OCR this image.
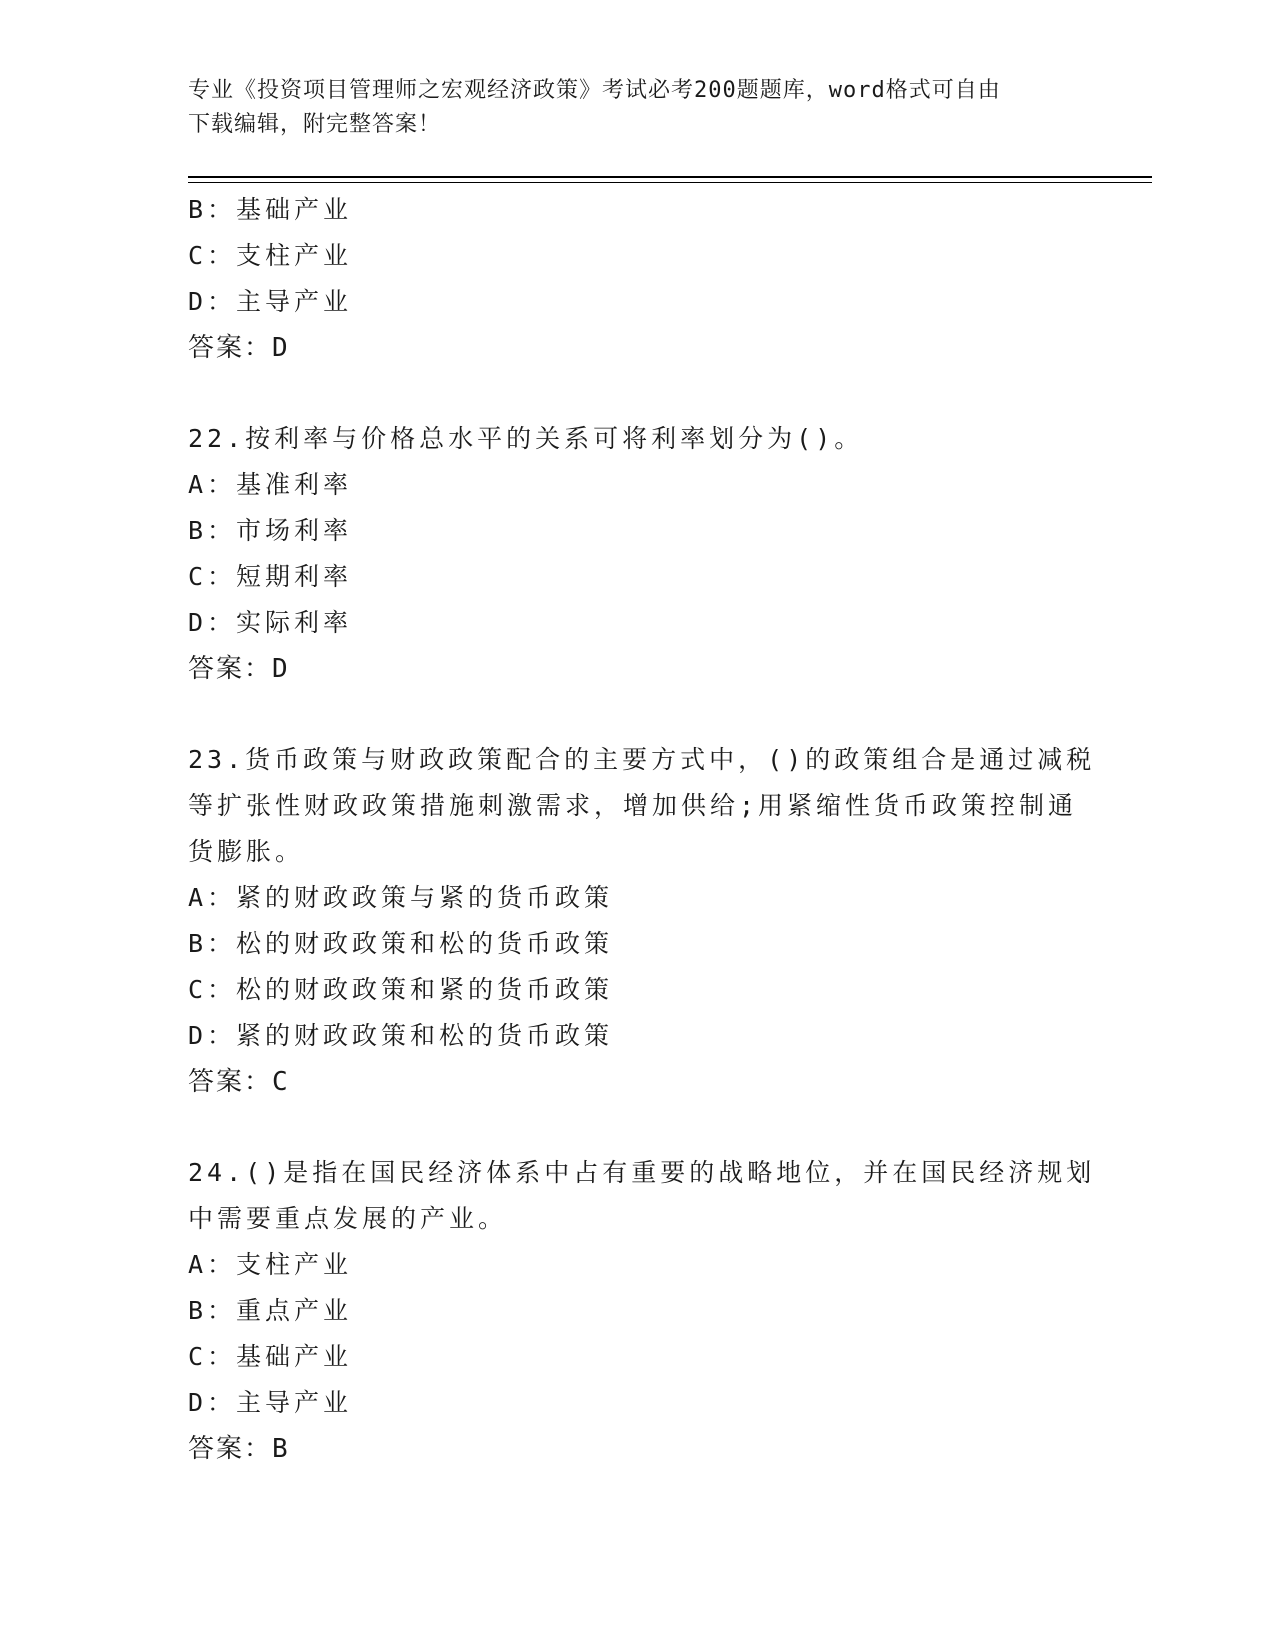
专业《投资项目管理师之宏观经济政策》考试必考200题题库，word格式可自由
下载编辑，附完整答案！
B：基础产业
C：支柱产业
D：主导产业
答案：D
22.按利率与价格总水平的关系可将利率划分为()。
A：基准利率
B：市场利率
C：短期利率
D：实际利率
答案：D
23.货币政策与财政政策配合的主要方式中，()的政策组合是通过减税
等扩张性财政政策措施刺激需求，增加供给;用紧缩性货币政策控制通
货膨胀。
A：紧的财政政策与紧的货币政策
B：松的财政政策和松的货币政策
C：松的财政政策和紧的货币政策
D：紧的财政政策和松的货币政策
答案：C
24.()是指在国民经济体系中占有重要的战略地位，并在国民经济规划
中需要重点发展的产业。
A：支柱产业
B：重点产业
C：基础产业
D：主导产业
答案：B
